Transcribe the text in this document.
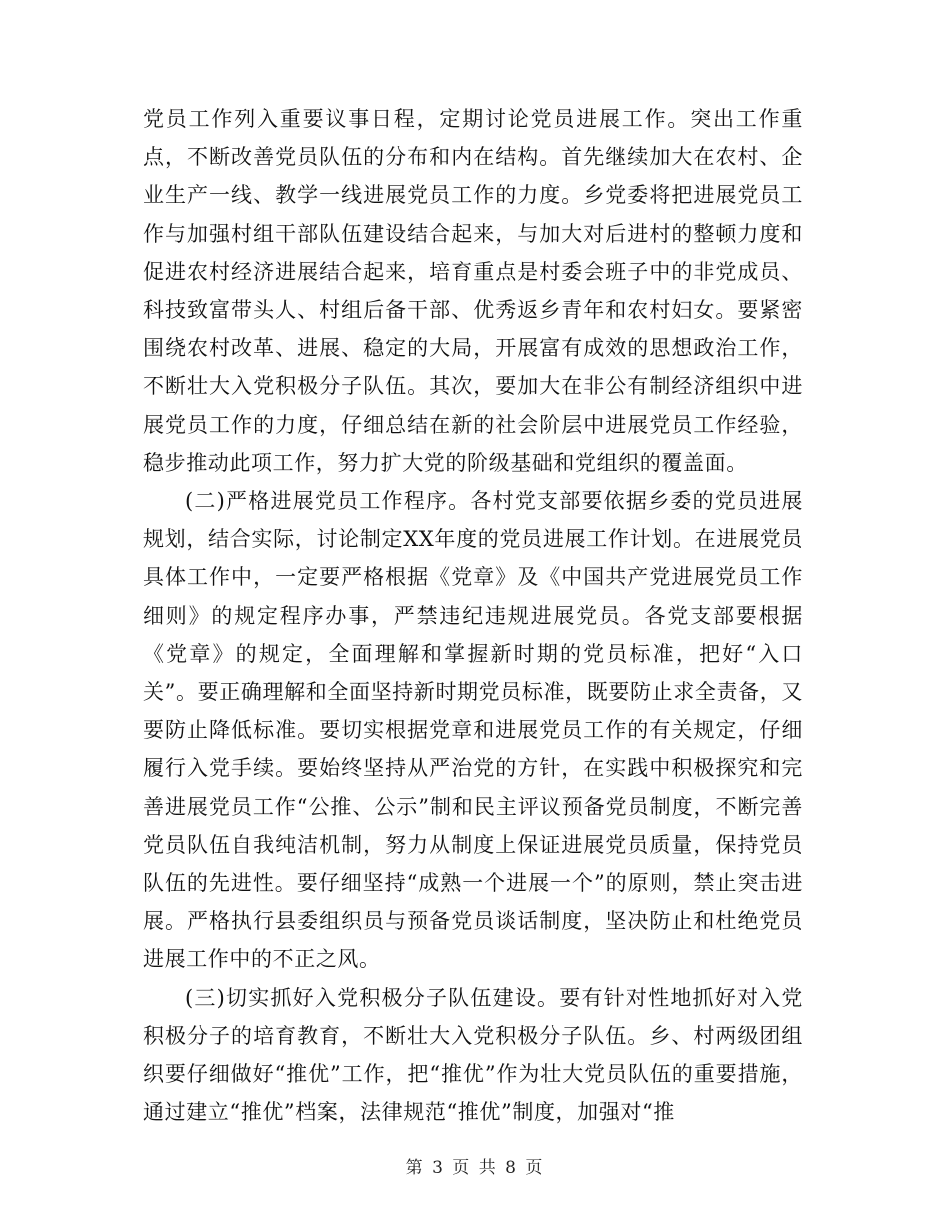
党员工作列入重要议事日程，定期讨论党员进展工作。突出工作重点，不断改善党员队伍的分布和内在结构。首先继续加大在农村、企业生产一线、教学一线进展党员工作的力度。乡党委将把进展党员工作与加强村组干部队伍建设结合起来，与加大对后进村的整顿力度和促进农村经济进展结合起来，培育重点是村委会班子中的非党成员、科技致富带头人、村组后备干部、优秀返乡青年和农村妇女。要紧密围绕农村改革、进展、稳定的大局，开展富有成效的思想政治工作，不断壮大入党积极分子队伍。其次，要加大在非公有制经济组织中进展党员工作的力度，仔细总结在新的社会阶层中进展党员工作经验，稳步推动此项工作，努力扩大党的阶级基础和党组织的覆盖面。

(二)严格进展党员工作程序。各村党支部要依据乡委的党员进展规划，结合实际，讨论制定XX年度的党员进展工作计划。在进展党员具体工作中，一定要严格根据《党章》及《中国共产党进展党员工作细则》的规定程序办事，严禁违纪违规进展党员。各党支部要根据《党章》的规定，全面理解和掌握新时期的党员标准，把好“入口关”。要正确理解和全面坚持新时期党员标准，既要防止求全责备，又要防止降低标准。要切实根据党章和进展党员工作的有关规定，仔细履行入党手续。要始终坚持从严治党的方针，在实践中积极探究和完善进展党员工作“公推、公示”制和民主评议预备党员制度，不断完善党员队伍自我纯洁机制，努力从制度上保证进展党员质量，保持党员队伍的先进性。要仔细坚持“成熟一个进展一个”的原则，禁止突击进展。严格执行县委组织员与预备党员谈话制度，坚决防止和杜绝党员进展工作中的不正之风。

(三)切实抓好入党积极分子队伍建设。要有针对性地抓好对入党积极分子的培育教育，不断壮大入党积极分子队伍。乡、村两级团组织要仔细做好“推优”工作，把“推优”作为壮大党员队伍的重要措施，通过建立“推优”档案，法律规范“推优”制度，加强对“推

第 3 页 共 8 页
